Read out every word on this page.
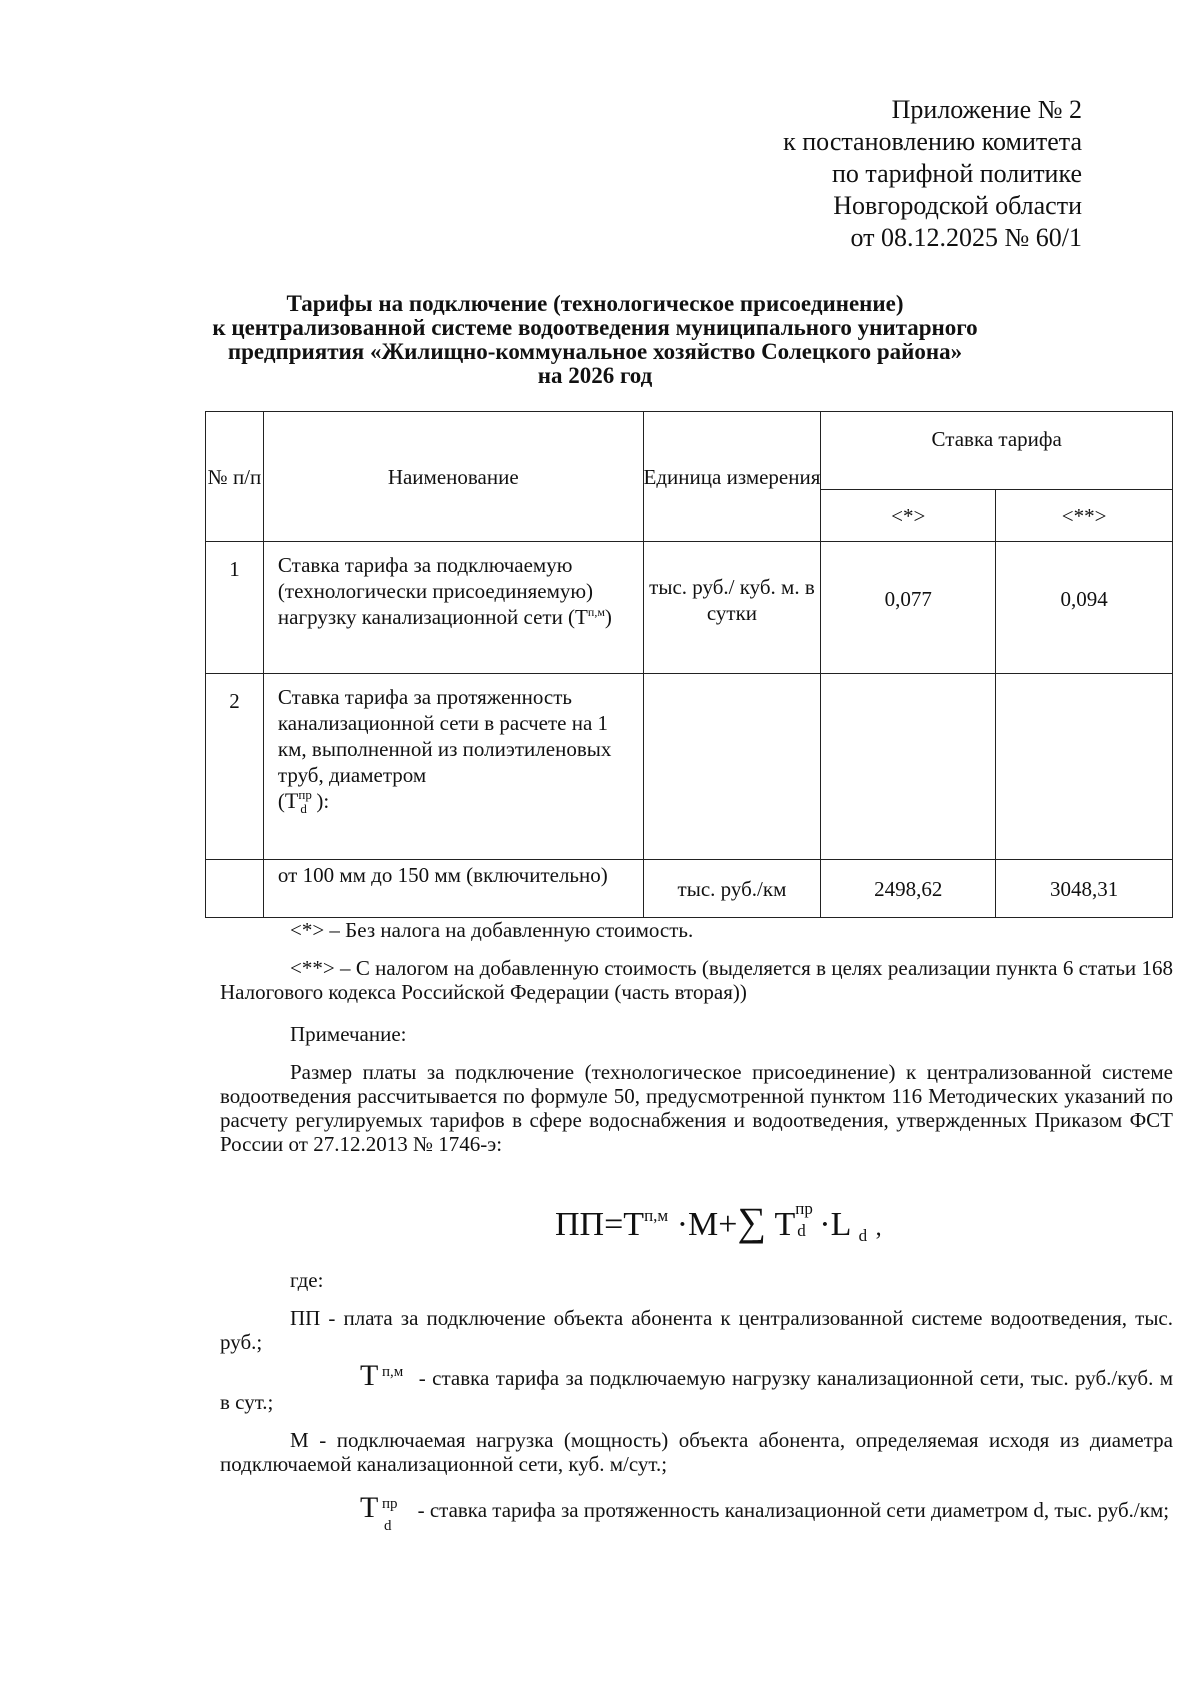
Приложение № 2
к постановлению комитета
по тарифной политике
Новгородской области
от 08.12.2025 № 60/1
Тарифы на подключение (технологическое присоединение)
к централизованной системе водоотведения муниципального унитарного
предприятия «Жилищно-коммунальное хозяйство Солецкого района»
на 2026 год
№ п/п	Наименование	Единица измерения	Ставка тарифа	
			<*>	<**>
1	Ставка тарифа за подключаемую (технологически присоединяемую) нагрузку канализационной сети $(Т^{п,м})$	тыс. руб./ куб. м. в сутки	0,077	0,094
2	Ставка тарифа за протяженность канализационной сети в расчете на 1 км, выполненной из полиэтиленовых труб, диаметром
(Т пр
d ):			
	от 100 мм до 150 мм (включительно)	тыс. руб./км	2498,62	3048,31
<*> – Без налога на добавленную стоимость.
<**> – С налогом на добавленную стоимость (выделяется в целях реализации пункта 6 статьи 168 Налогового кодекса Российской Федерации (часть вторая))
Примечание:
Размер платы за подключение (технологическое присоединение) к централизованной системе водоотведения рассчитывается по формуле 50, предусмотренной пунктом 116 Методических указаний по расчету регулируемых тарифов в сфере водоснабжения и водоотведения, утвержденных Приказом ФСТ России от 27.12.2013 № 1746-э:
$ПП=Т^{п,м} \cdot М+\sum$ Т пр
d ·L $_d$ ,
где:
ПП - плата за подключение объекта абонента к централизованной системе водоотведения, тыс. руб.;
Т п,м - ставка тарифа за подключаемую нагрузку канализационной сети, тыс. руб./куб. м в сут.;
М - подключаемая нагрузка (мощность) объекта абонента, определяемая исходя из диаметра подключаемой канализационной сети, куб. м/сут.;
Т пр
d
- ставка тарифа за протяженность канализационной сети диаметром d, тыс. руб./км;
